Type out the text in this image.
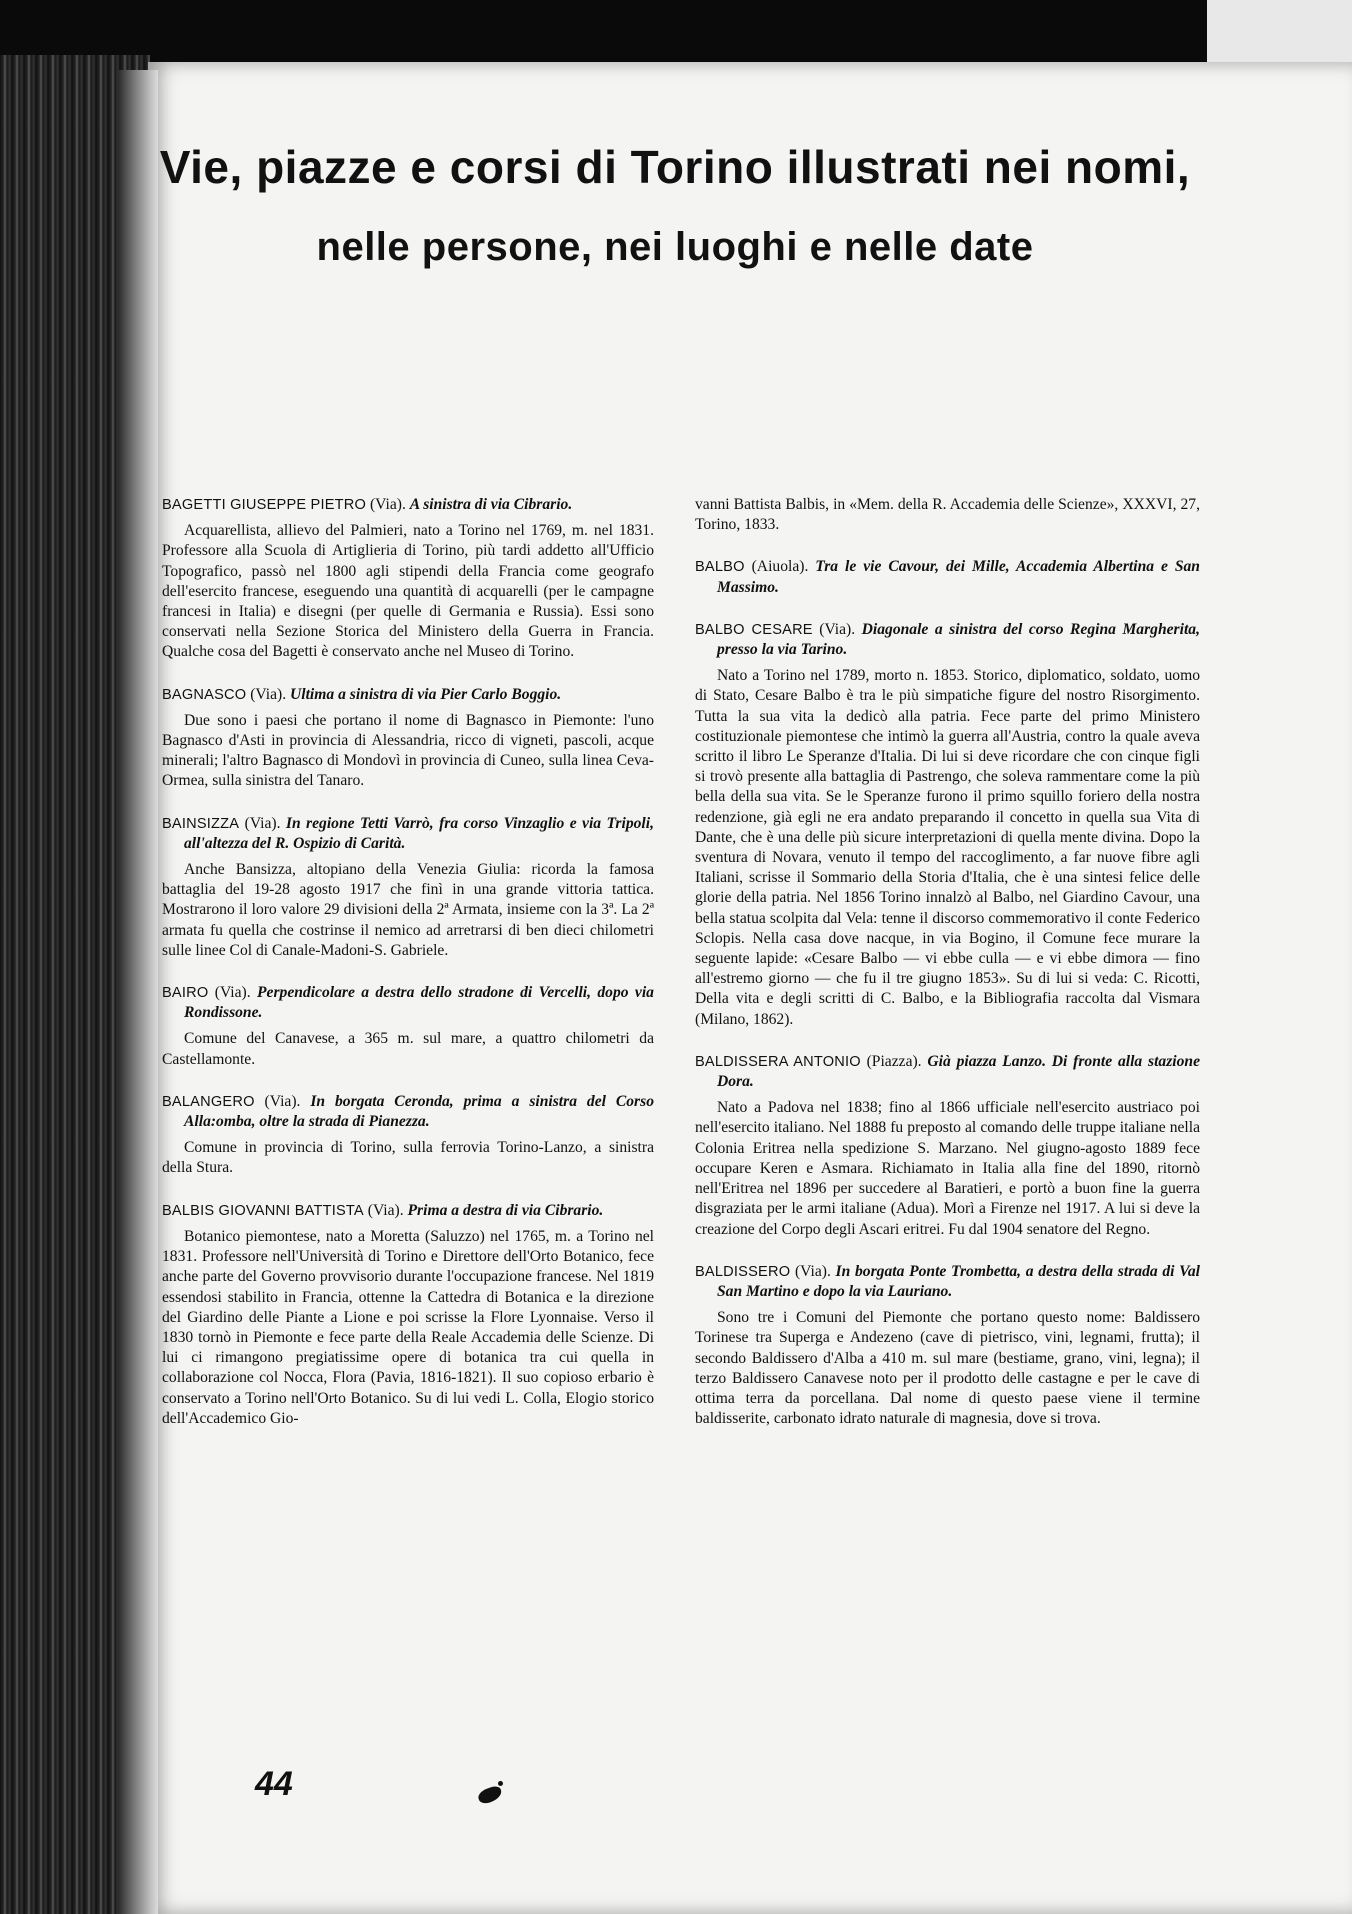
Vie, piazze e corsi di Torino illustrati nei nomi,
nelle persone, nei luoghi e nelle date

BAGETTI GIUSEPPE PIETRO (Via). A sinistra di via Cibrario.

Acquarellista, allievo del Palmieri, nato a Torino nel 1769, m. nel 1831. Professore alla Scuola di Artiglieria di Torino, più tardi addetto all'Ufficio Topografico, passò nel 1800 agli stipendi della Francia come geografo dell'esercito francese, eseguendo una quantità di acquarelli (per le campagne francesi in Italia) e disegni (per quelle di Germania e Russia). Essi sono conservati nella Sezione Storica del Ministero della Guerra in Francia. Qualche cosa del Bagetti è conservato anche nel Museo di Torino.

BAGNASCO (Via). Ultima a sinistra di via Pier Carlo Boggio.

Due sono i paesi che portano il nome di Bagnasco in Piemonte: l'uno Bagnasco d'Asti in provincia di Alessandria, ricco di vigneti, pascoli, acque minerali; l'altro Bagnasco di Mondovì in provincia di Cuneo, sulla linea Ceva-Ormea, sulla sinistra del Tanaro.

BAINSIZZA (Via). In regione Tetti Varrò, fra corso Vinzaglio e via Tripoli, all'altezza del R. Ospizio di Carità.

Anche Bansizza, altopiano della Venezia Giulia: ricorda la famosa battaglia del 19-28 agosto 1917 che finì in una grande vittoria tattica. Mostrarono il loro valore 29 divisioni della 2ª Armata, insieme con la 3ª. La 2ª armata fu quella che costrinse il nemico ad arretrarsi di ben dieci chilometri sulle linee Col di Canale-Madoni-S. Gabriele.

BAIRO (Via). Perpendicolare a destra dello stradone di Vercelli, dopo via Rondissone.

Comune del Canavese, a 365 m. sul mare, a quattro chilometri da Castellamonte.

BALANGERO (Via). In borgata Ceronda, prima a sinistra del Corso Alla:omba, oltre la strada di Pianezza.

Comune in provincia di Torino, sulla ferrovia Torino-Lanzo, a sinistra della Stura.

BALBIS GIOVANNI BATTISTA (Via). Prima a destra di via Cibrario.

Botanico piemontese, nato a Moretta (Saluzzo) nel 1765, m. a Torino nel 1831. Professore nell'Università di Torino e Direttore dell'Orto Botanico, fece anche parte del Governo provvisorio durante l'occupazione francese. Nel 1819 essendosi stabilito in Francia, ottenne la Cattedra di Botanica e la direzione del Giardino delle Piante a Lione e poi scrisse la Flore Lyonnaise. Verso il 1830 tornò in Piemonte e fece parte della Reale Accademia delle Scienze. Di lui ci rimangono pregiatissime opere di botanica tra cui quella in collaborazione col Nocca, Flora (Pavia, 1816-1821). Il suo copioso erbario è conservato a Torino nell'Orto Botanico. Su di lui vedi L. Colla, Elogio storico dell'Accademico Gio-

vanni Battista Balbis, in «Mem. della R. Accademia delle Scienze», XXXVI, 27, Torino, 1833.

BALBO (Aiuola). Tra le vie Cavour, dei Mille, Accademia Albertina e San Massimo.

BALBO CESARE (Via). Diagonale a sinistra del corso Regina Margherita, presso la via Tarino.

Nato a Torino nel 1789, morto n. 1853. Storico, diplomatico, soldato, uomo di Stato, Cesare Balbo è tra le più simpatiche figure del nostro Risorgimento. Tutta la sua vita la dedicò alla patria. Fece parte del primo Ministero costituzionale piemontese che intimò la guerra all'Austria, contro la quale aveva scritto il libro Le Speranze d'Italia. Di lui si deve ricordare che con cinque figli si trovò presente alla battaglia di Pastrengo, che soleva rammentare come la più bella della sua vita. Se le Speranze furono il primo squillo foriero della nostra redenzione, già egli ne era andato preparando il concetto in quella sua Vita di Dante, che è una delle più sicure interpretazioni di quella mente divina. Dopo la sventura di Novara, venuto il tempo del raccoglimento, a far nuove fibre agli Italiani, scrisse il Sommario della Storia d'Italia, che è una sintesi felice delle glorie della patria. Nel 1856 Torino innalzò al Balbo, nel Giardino Cavour, una bella statua scolpita dal Vela: tenne il discorso commemorativo il conte Federico Sclopis. Nella casa dove nacque, in via Bogino, il Comune fece murare la seguente lapide: «Cesare Balbo — vi ebbe culla — e vi ebbe dimora — fino all'estremo giorno — che fu il tre giugno 1853». Su di lui si veda: C. Ricotti, Della vita e degli scritti di C. Balbo, e la Bibliografia raccolta dal Vismara (Milano, 1862).

BALDISSERA ANTONIO (Piazza). Già piazza Lanzo. Di fronte alla stazione Dora.

Nato a Padova nel 1838; fino al 1866 ufficiale nell'esercito austriaco poi nell'esercito italiano. Nel 1888 fu preposto al comando delle truppe italiane nella Colonia Eritrea nella spedizione S. Marzano. Nel giugno-agosto 1889 fece occupare Keren e Asmara. Richiamato in Italia alla fine del 1890, ritornò nell'Eritrea nel 1896 per succedere al Baratieri, e portò a buon fine la guerra disgraziata per le armi italiane (Adua). Morì a Firenze nel 1917. A lui si deve la creazione del Corpo degli Ascari eritrei. Fu dal 1904 senatore del Regno.

BALDISSERO (Via). In borgata Ponte Trombetta, a destra della strada di Val San Martino e dopo la via Lauriano.

Sono tre i Comuni del Piemonte che portano questo nome: Baldissero Torinese tra Superga e Andezeno (cave di pietrisco, vini, legnami, frutta); il secondo Baldissero d'Alba a 410 m. sul mare (bestiame, grano, vini, legna); il terzo Baldissero Canavese noto per il prodotto delle castagne e per le cave di ottima terra da porcellana. Dal nome di questo paese viene il termine baldisserite, carbonato idrato naturale di magnesia, dove si trova.

44
